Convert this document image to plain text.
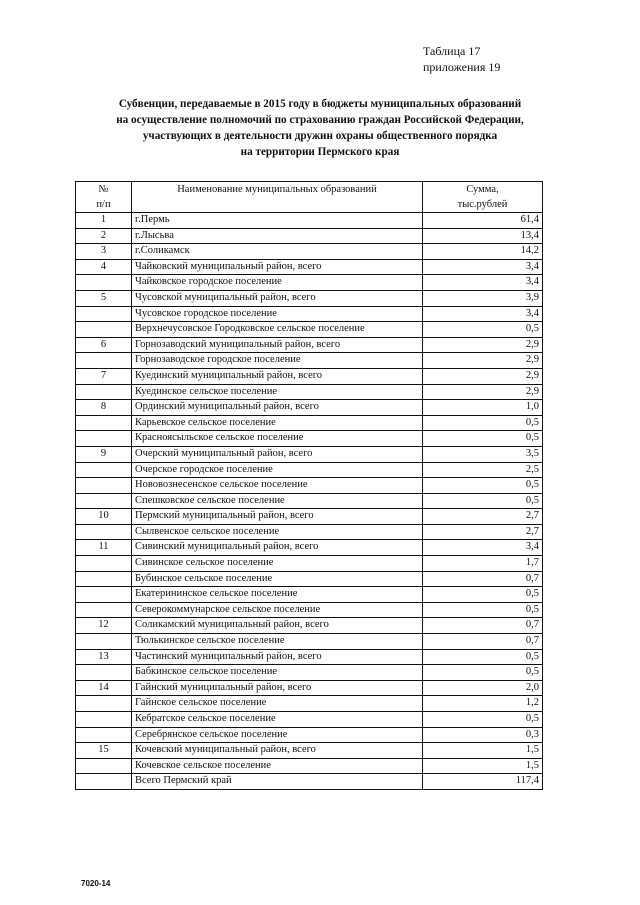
Таблица 17
приложения 19
Субвенции, передаваемые в 2015 году в бюджеты муниципальных образований
на осуществление полномочий по страхованию граждан Российской Федерации,
участвующих в деятельности дружин охраны общественного порядка
на территории Пермского края
№	Наименование муниципальных образований	Сумма,
п/п		тыс.рублей
1	г.Пермь	61,4
2	г.Лысьва	13,4
3	г.Соликамск	14,2
4	Чайковский муниципальный район, всего	3,4
	Чайковское городское поселение	3,4
5	Чусовской муниципальный район, всего	3,9
	Чусовское городское поселение	3,4
	Верхнечусовское Городковское сельское поселение	0,5
6	Горнозаводский муниципальный район, всего	2,9
	Горнозаводское городское поселение	2,9
7	Куединский муниципальный район, всего	2,9
	Куединское сельское поселение	2,9
8	Ординский муниципальный район, всего	1,0
	Карьевское сельское поселение	0,5
	Красноясыльское сельское поселение	0,5
9	Очерский муниципальный район, всего	3,5
	Очерское городское поселение	2,5
	Нововознесенское сельское поселение	0,5
	Спешковское сельское поселение	0,5
10	Пермский муниципальный район, всего	2,7
	Сылвенское сельское поселение	2,7
11	Сивинский муниципальный район, всего	3,4
	Сивинское сельское поселение	1,7
	Бубинское сельское поселение	0,7
	Екатерининское сельское поселение	0,5
	Северокоммунарское сельское поселение	0,5
12	Соликамский муниципальный район, всего	0,7
	Тюлькинское сельское поселение	0,7
13	Частинский муниципальный район, всего	0,5
	Бабкинское сельское поселение	0,5
14	Гайнский муниципальный район, всего	2,0
	Гайнское сельское поселение	1,2
	Кебратское сельское поселение	0,5
	Серебрянское сельское поселение	0,3
15	Кочевский муниципальный район, всего	1,5
	Кочевское сельское поселение	1,5
	Всего Пермский край	117,4
7020-14
